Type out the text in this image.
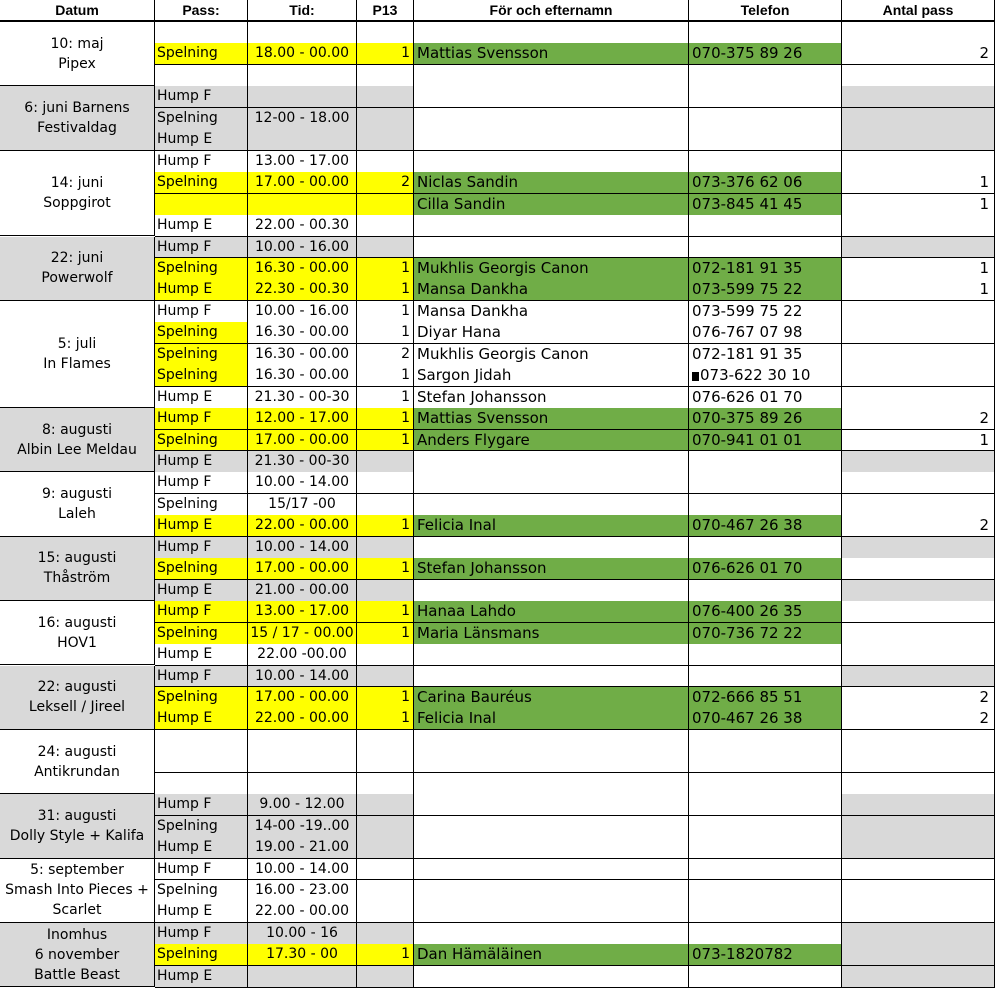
Datum	Pass:	Tid:	P13	För och efternamn	Telefon	Antal pass
10: maj
Pipex
Spelning	18.00 - 00.00	1 Mattias Svensson	070-375 89 26	2
6: juni Barnens
Festivaldag
Hump F
Spelning	12-00 - 18.00
Hump E
14: juni
Soppgirot
Hump F	13.00 - 17.00
Spelning	17.00 - 00.00	2 Niclas Sandin	073-376 62 06	1
Cilla Sandin	073-845 41 45	1
Hump E	22.00 - 00.30
22: juni
Powerwolf
Hump F	10.00 - 16.00
Spelning	16.30 - 00.00	1 Mukhlis Georgis Canon	072-181 91 35	1
Hump E	22.30 - 00.30	1 Mansa Dankha	073-599 75 22	1
5: juli
In Flames
Hump F	10.00 - 16.00	1 Mansa Dankha	073-599 75 22
Spelning	16.30 - 00.00	1 Diyar Hana	076-767 07 98
Spelning	16.30 - 00.00	2 Mukhlis Georgis Canon	072-181 91 35
Spelning	16.30 - 00.00	1 Sargon Jidah	073-622 30 10
Hump E	21.30 - 00-30	1 Stefan Johansson	076-626 01 70
8: augusti
Albin Lee Meldau
Hump F	12.00 - 17.00	1 Mattias Svensson	070-375 89 26	2
Spelning	17.00 - 00.00	1 Anders Flygare	070-941 01 01	1
Hump E	21.30 - 00-30
9: augusti
Laleh
Hump F	10.00 - 14.00
Spelning	15/17 -00
Hump E	22.00 - 00.00	1 Felicia Inal	070-467 26 38	2
15: augusti
Thåström
Hump F	10.00 - 14.00
Spelning	17.00 - 00.00	1 Stefan Johansson	076-626 01 70
Hump E	21.00 - 00.00
16: augusti
HOV1
Hump F	13.00 - 17.00	1 Hanaa Lahdo	076-400 26 35
Spelning	15 / 17 - 00.00	1 Maria Länsmans	070-736 72 22
Hump E	22.00 -00.00
22: augusti
Leksell / Jireel
Hump F	10.00 - 14.00
Spelning	17.00 - 00.00	1 Carina Bauréus	072-666 85 51	2
Hump E	22.00 - 00.00	1 Felicia Inal	070-467 26 38	2
24: augusti
Antikrundan
31: augusti
Dolly Style + Kalifa
Hump F	9.00 - 12.00
Spelning	14-00 -19..00
Hump E	19.00 - 21.00
5: september
Smash Into Pieces +
Scarlet
Hump F	10.00 - 14.00
Spelning	16.00 - 23.00
Hump E	22.00 - 00.00
Inomhus
6 november
Battle Beast
Hump F	10.00 - 16
Spelning	17.30 - 00	1 Dan Hämäläinen	073-1820782
Hump E
